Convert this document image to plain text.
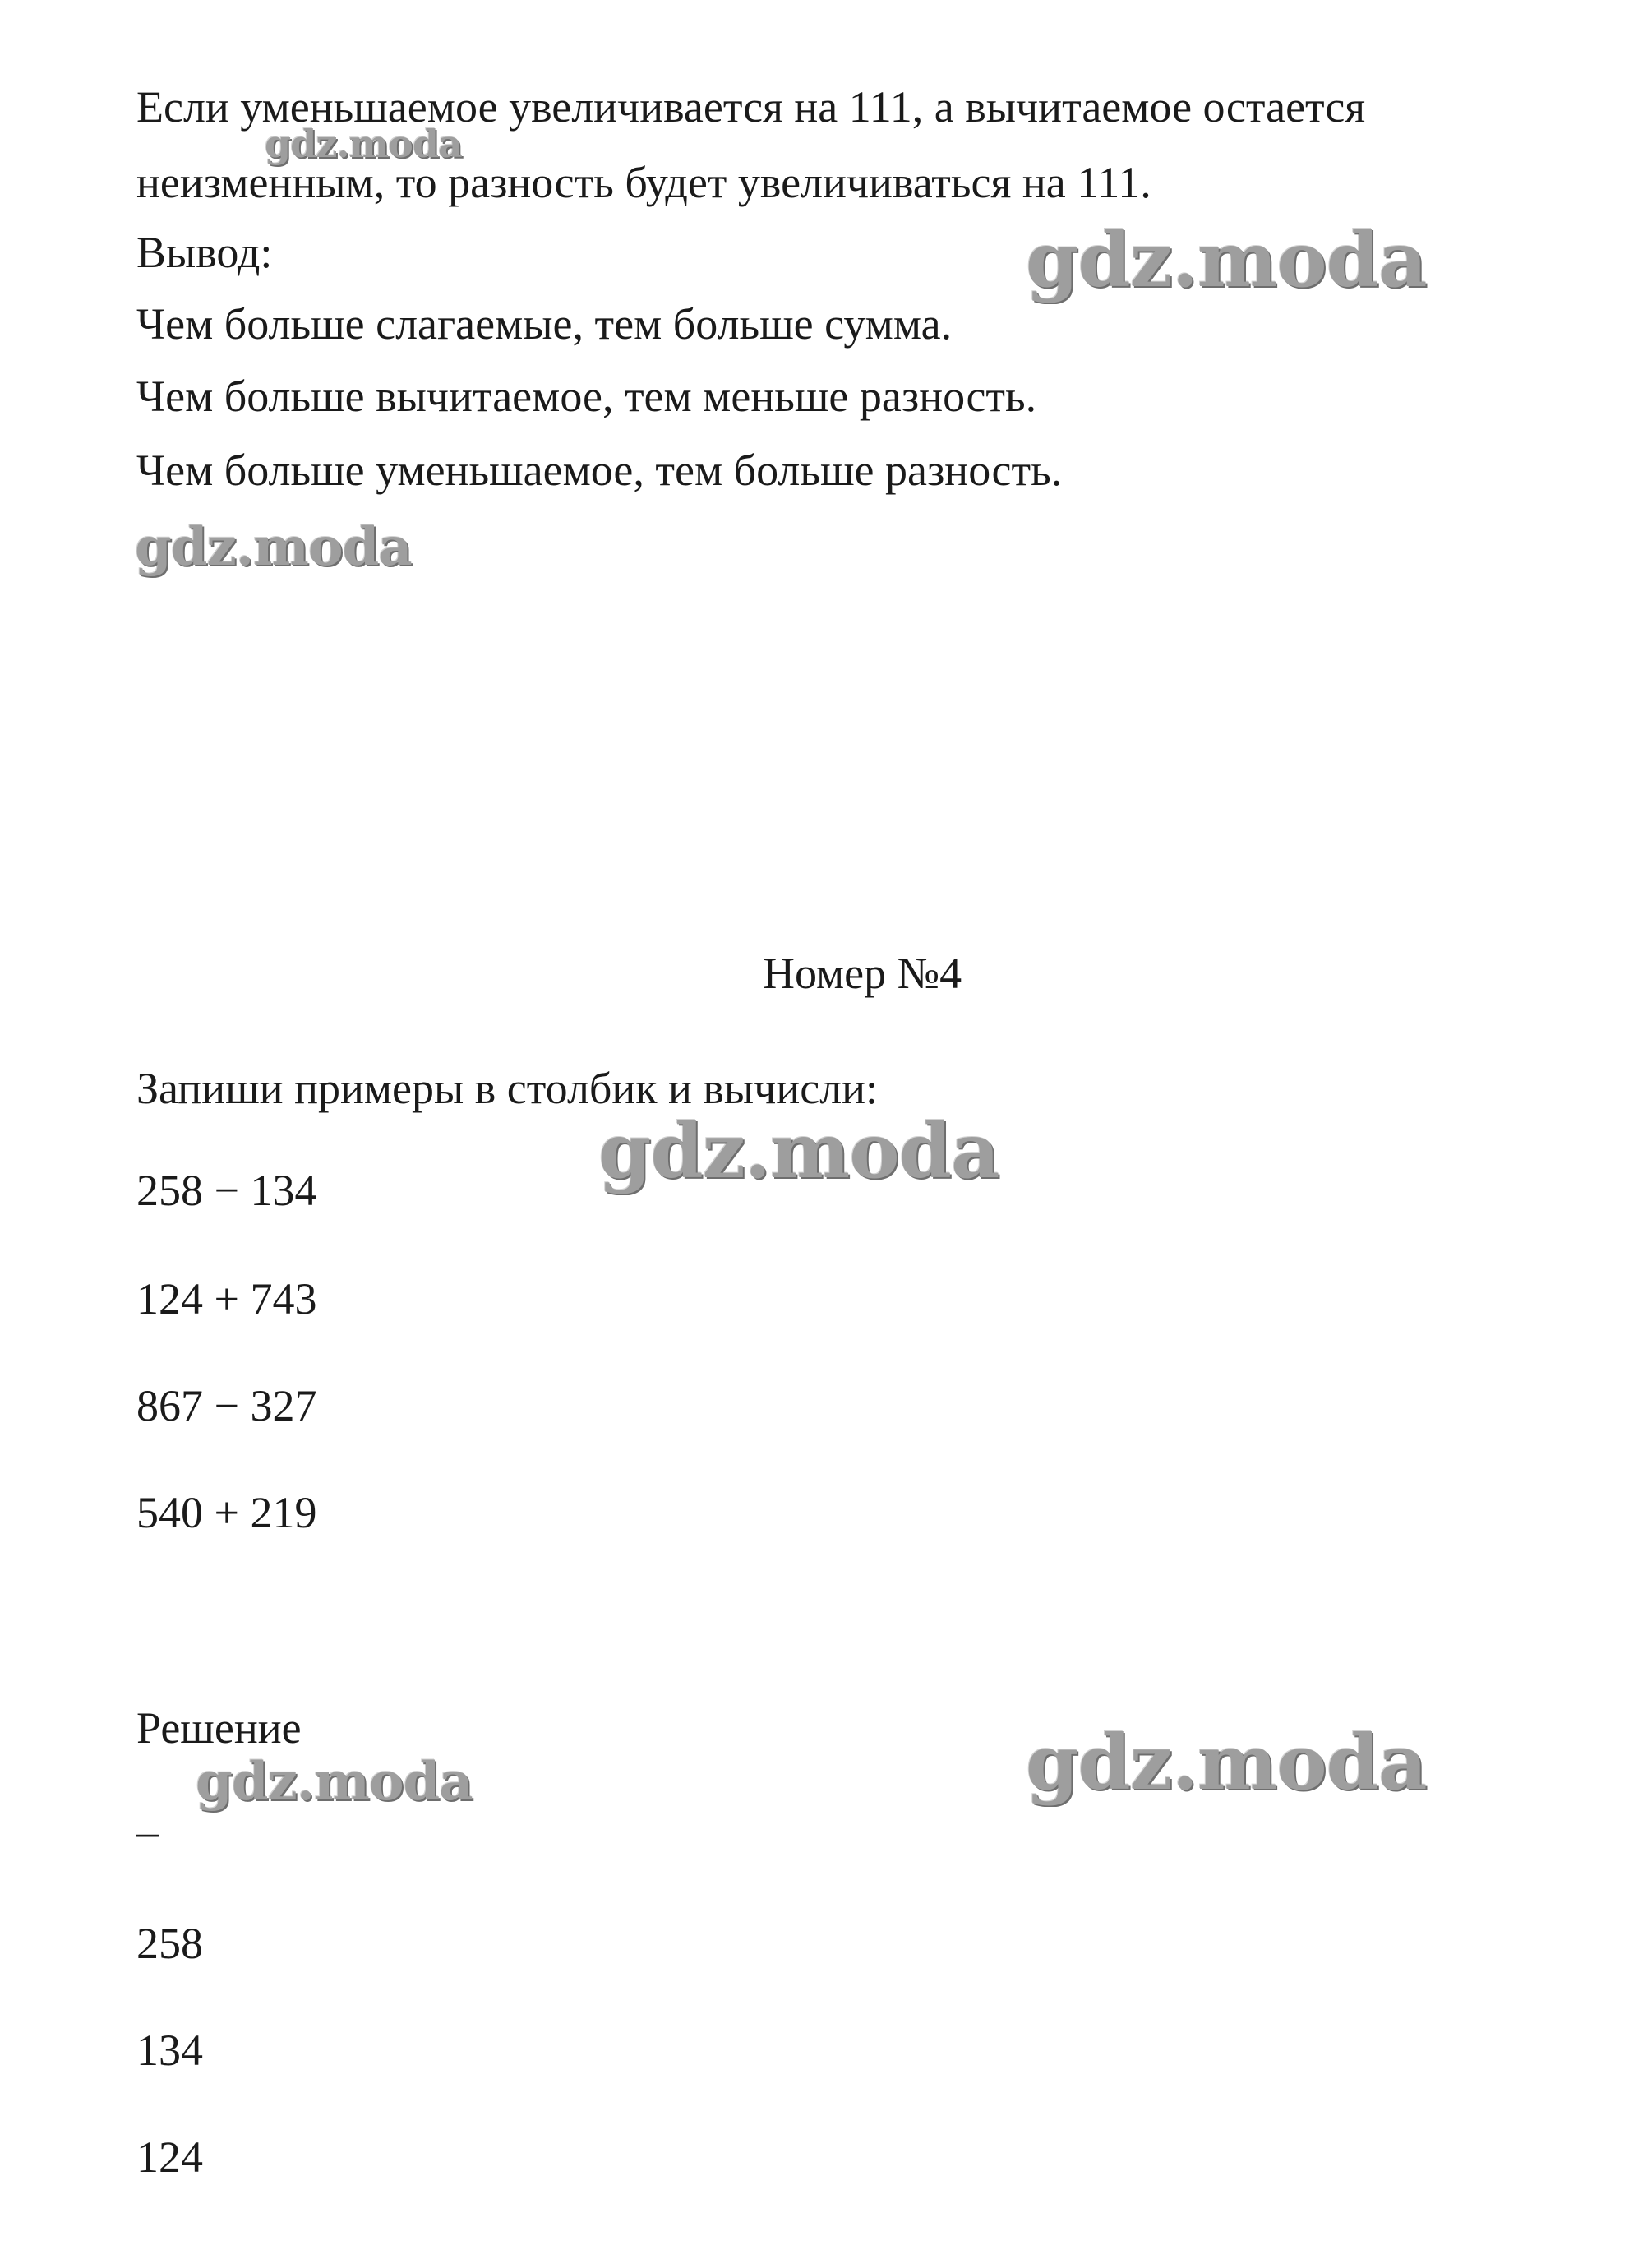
Если уменьшаемое увеличивается на 111, а вычитаемое остается

неизменным, то разность будет увеличиваться на 111.

Вывод:

Чем больше слагаемые, тем больше сумма.

Чем больше вычитаемое, тем меньше разность.

Чем больше уменьшаемое, тем больше разность.

Номер №4

Запиши примеры в столбик и вычисли:

258 − 134

124 + 743

867 − 327

540 + 219

Решение

–

258

134

124

gdz.moda
gdz.moda
gdz.moda
gdz.moda
gdz.moda	gdz.moda
